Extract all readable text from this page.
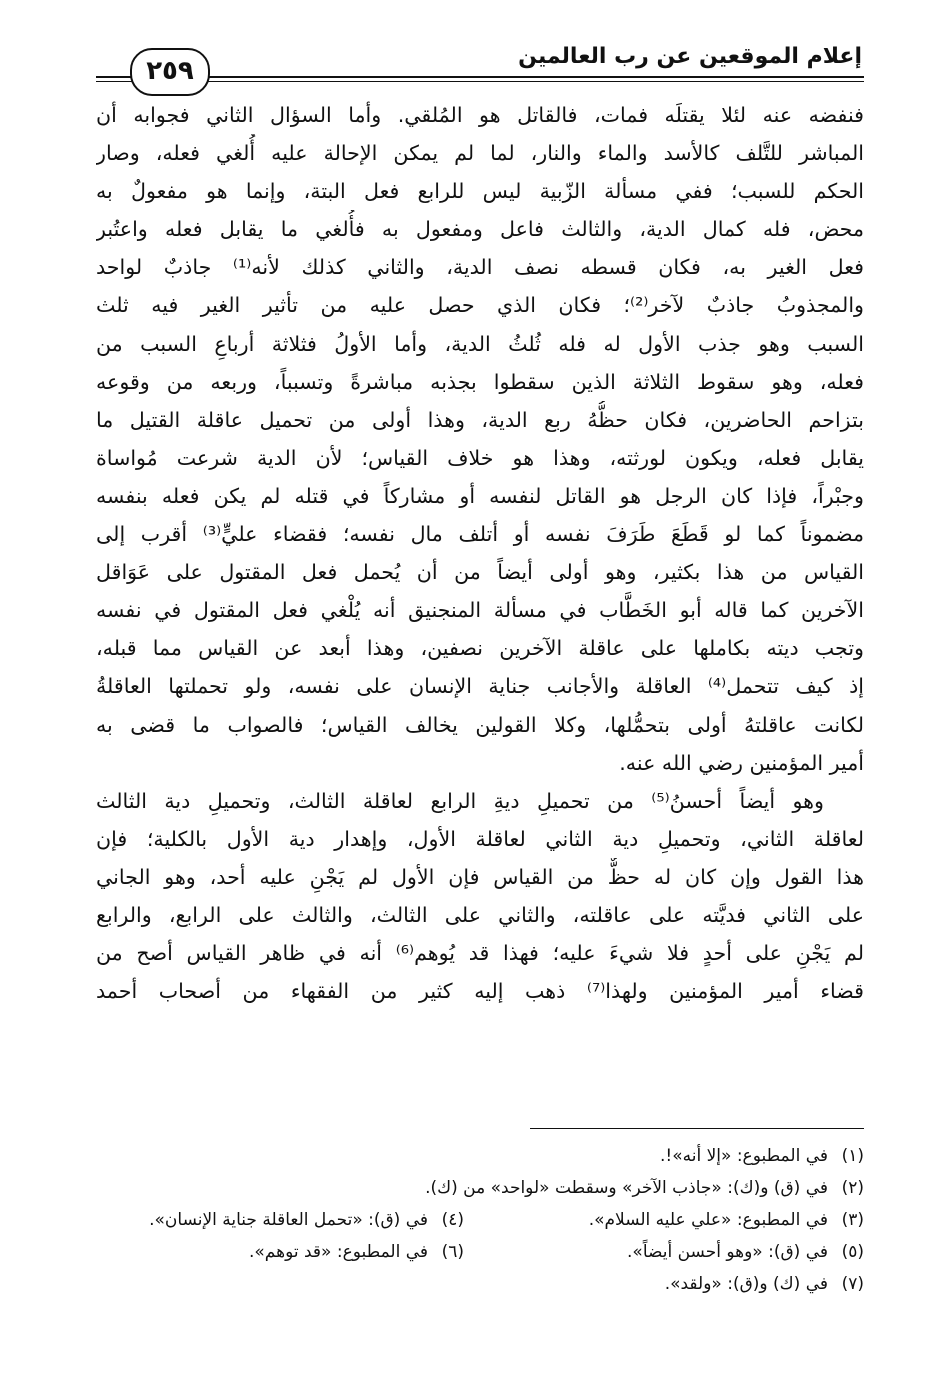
إعلام الموقعين عن رب العالمين
٢٥٩
فنفضه عنه لئلا يقتلَه فمات، فالقاتل هو المُلقي. وأما السؤال الثاني فجوابه أن
المباشر للتَّلف كالأسد والماء والنار، لما لم يمكن الإحالة عليه أُلغي فعله، وصار
الحكم للسبب؛ ففي مسألة الزّبية ليس للرابع فعل البتة، وإنما هو مفعولٌ به
محض، فله كمال الدية، والثالث فاعل ومفعول به فأُلغي ما يقابل فعله واعتُبر
فعل الغير به، فكان قسطه نصف الدية، والثاني كذلك لأنه⁽¹⁾ جاذبٌ لواحد
والمجذوبُ جاذبٌ لآخر⁽²⁾؛ فكان الذي حصل عليه من تأثير الغير فيه ثلث
السبب وهو جذب الأول له فله ثُلثُ الدية، وأما الأولُ فثلاثة أرباعِ السبب من
فعله، وهو سقوط الثلاثة الذين سقطوا بجذبه مباشرةً وتسبباً، وربعه من وقوعه
بتزاحم الحاضرين، فكان حظُّهُ ربع الدية، وهذا أولى من تحميل عاقلة القتيل ما
يقابل فعله، ويكون لورثته، وهذا هو خلاف القياس؛ لأن الدية شرعت مُواساة
وجبْراً، فإذا كان الرجل هو القاتل لنفسه أو مشاركاً في قتله لم يكن فعله بنفسه
مضموناً كما لو قَطَعَ طَرَفَ نفسه أو أتلف مال نفسه؛ فقضاء عليٍّ⁽³⁾ أقرب إلى
القياس من هذا بكثير، وهو أولى أيضاً من أن يُحمل فعل المقتول على عَوَاقل
الآخرين كما قاله أبو الخَطَّاب في مسألة المنجنيق أنه يُلْغي فعل المقتول في نفسه
وتجب ديته بكاملها على عاقلة الآخرين نصفين، وهذا أبعد عن القياس مما قبله،
إذ كيف تتحمل⁽⁴⁾ العاقلة والأجانب جناية الإنسان على نفسه، ولو تحملتها العاقلةُ
لكانت عاقلتهُ أولى بتحمُّلها، وكلا القولين يخالف القياس؛ فالصواب ما قضى به
أمير المؤمنين رضي الله عنه.
وهو أيضاً أحسنُ⁽⁵⁾ من تحميلِ ديةِ الرابع لعاقلة الثالث، وتحميلِ دية الثالث
لعاقلة الثاني، وتحميلِ دية الثاني لعاقلة الأول، وإهدار دية الأول بالكلية؛ فإن
هذا القول وإن كان له حظٌّ من القياس فإن الأول لم يَجْنِ عليه أحد، وهو الجاني
على الثاني فديَّته على عاقلته، والثاني على الثالث، والثالث على الرابع، والرابع
لم يَجْنِ على أحدٍ فلا شيءَ عليه؛ فهذا قد يُوهم⁽⁶⁾ أنه في ظاهر القياس أصح من
قضاء أمير المؤمنين ولهذا⁽⁷⁾ ذهب إليه كثير من الفقهاء من أصحاب أحمد
(١)في المطبوع: «إلا أنه»!.
(٢)في (ق) و(ك): «جاذب الآخر» وسقطت «لواحد» من (ك).
(٣)في المطبوع: «علي عليه السلام».
(٤)في (ق): «تحمل العاقلة جناية الإنسان».
(٥)في (ق): «وهو أحسن أيضاً».
(٦)في المطبوع: «قد توهم».
(٧)في (ك) و(ق): «ولقد».
